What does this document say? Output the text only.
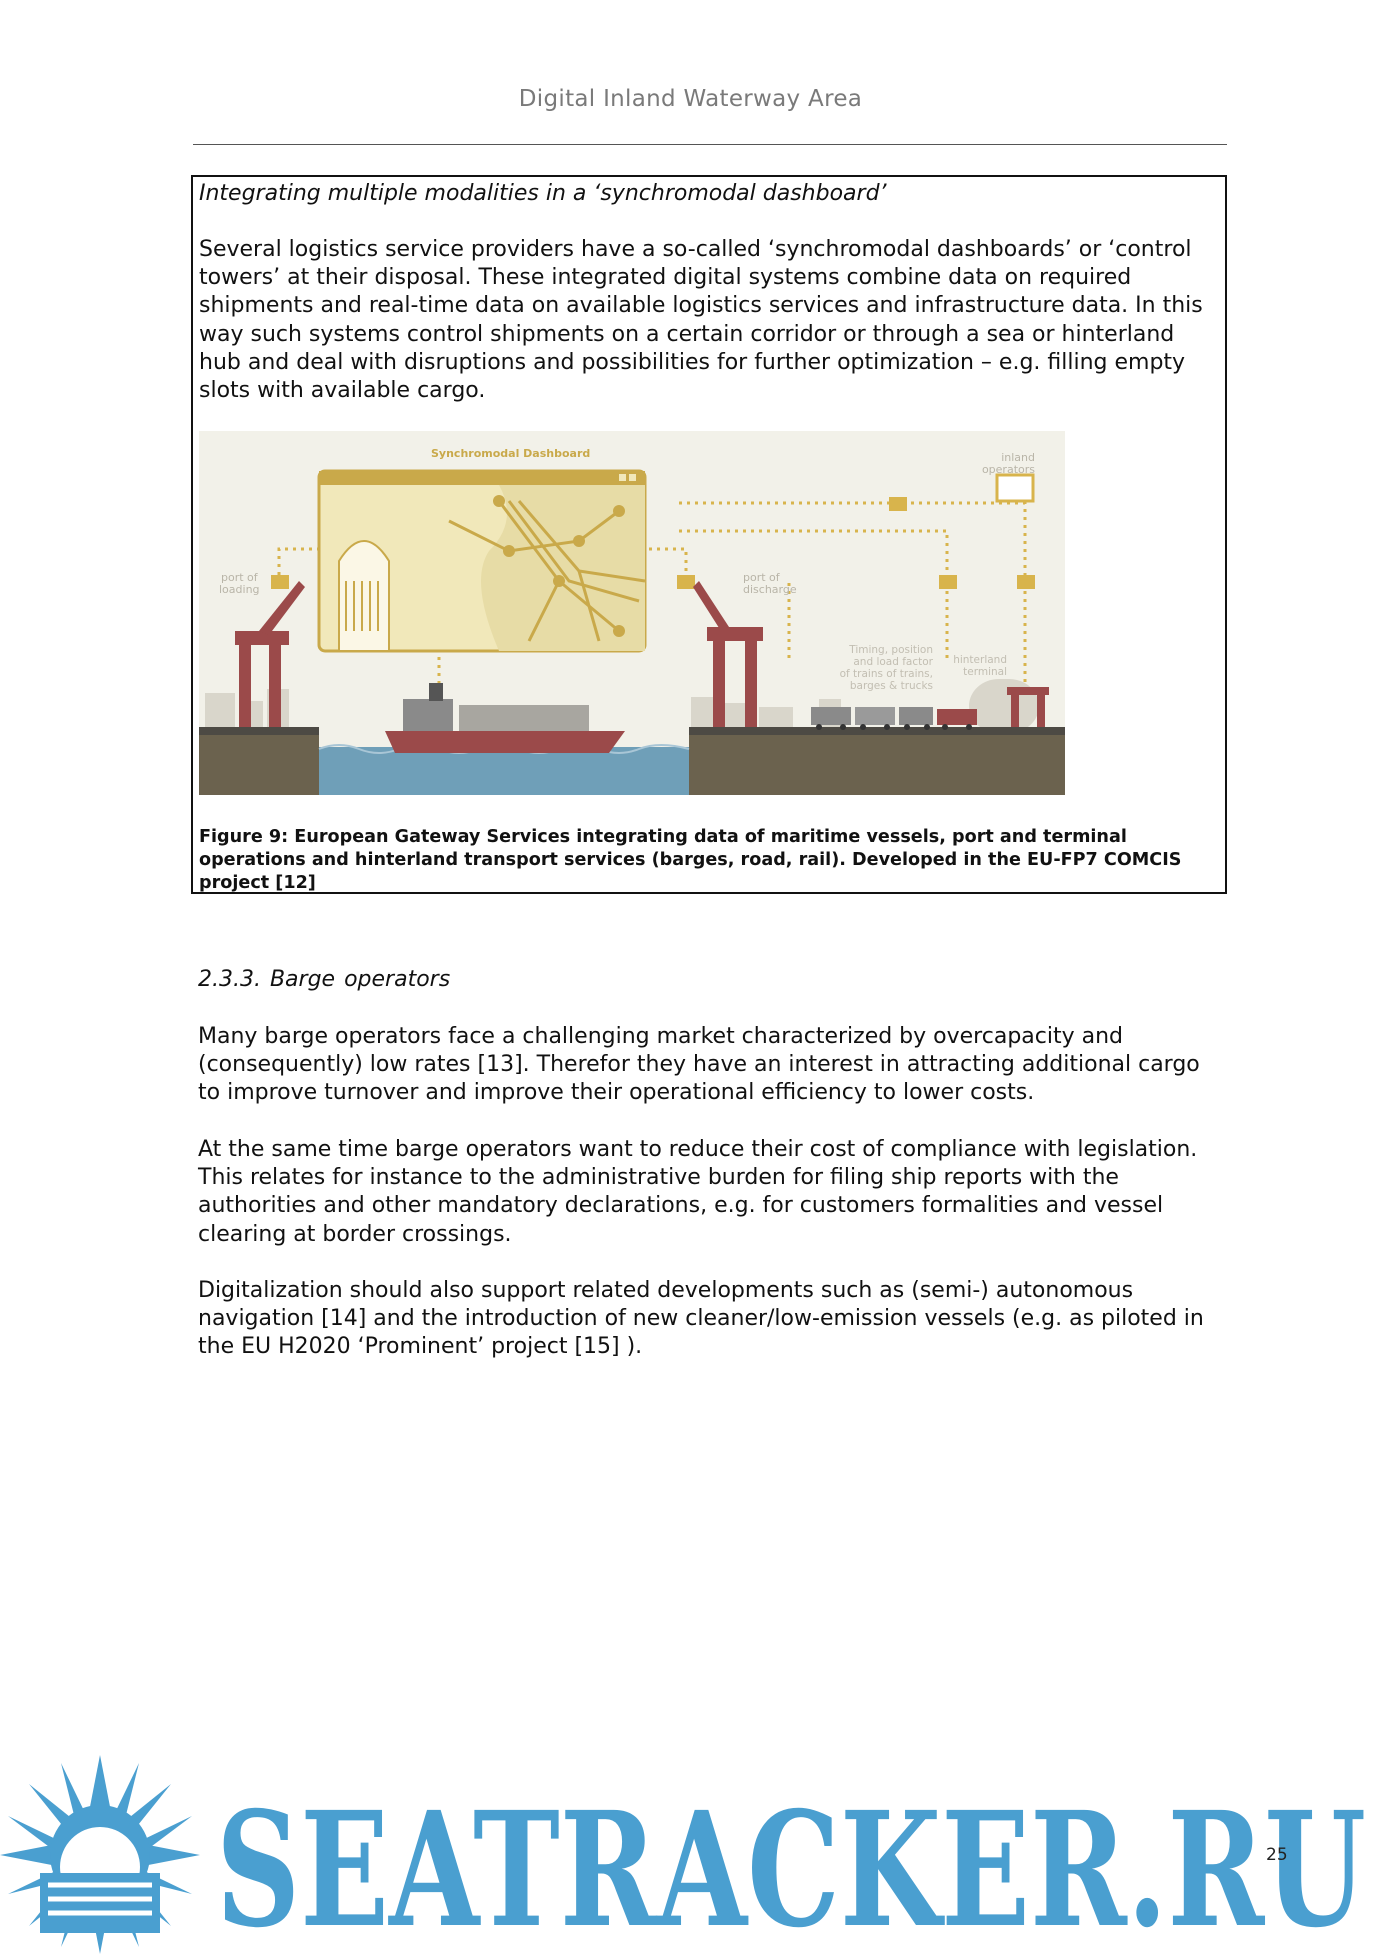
Digital Inland Waterway Area
Integrating multiple modalities in a ‘synchromodal dashboard’
Several logistics service providers have a so-called ‘synchromodal dashboards’ or ‘control towers’ at their disposal. These integrated digital systems combine data on required shipments and real-time data on available logistics services and infrastructure data. In this way such systems control shipments on a certain corridor or through a sea or hinterland hub and deal with disruptions and possibilities for further optimization – e.g. filling empty slots with available cargo.
Synchromodal Dashboard	inland
operators
port of
loading
port of
discharge
Timing, position
and load factor
of trains of trains,
barges & trucks
hinterland
terminal
Figure 9: European Gateway Services integrating data of maritime vessels, port and terminal operations and hinterland transport services (barges, road, rail). Developed in the EU-FP7 COMCIS project [12]
2.3.3. Barge operators
Many barge operators face a challenging market characterized by overcapacity and (consequently) low rates [13]. Therefor they have an interest in attracting additional cargo to improve turnover and improve their operational efficiency to lower costs.
At the same time barge operators want to reduce their cost of compliance with legislation. This relates for instance to the administrative burden for filing ship reports with the authorities and other mandatory declarations, e.g. for customers formalities and vessel clearing at border crossings.
Digitalization should also support related developments such as (semi-) autonomous navigation [14] and the introduction of new cleaner/low-emission vessels (e.g. as piloted in the EU H2020 ‘Prominent’ project [15] ).
SEATRACKER.RU
25
